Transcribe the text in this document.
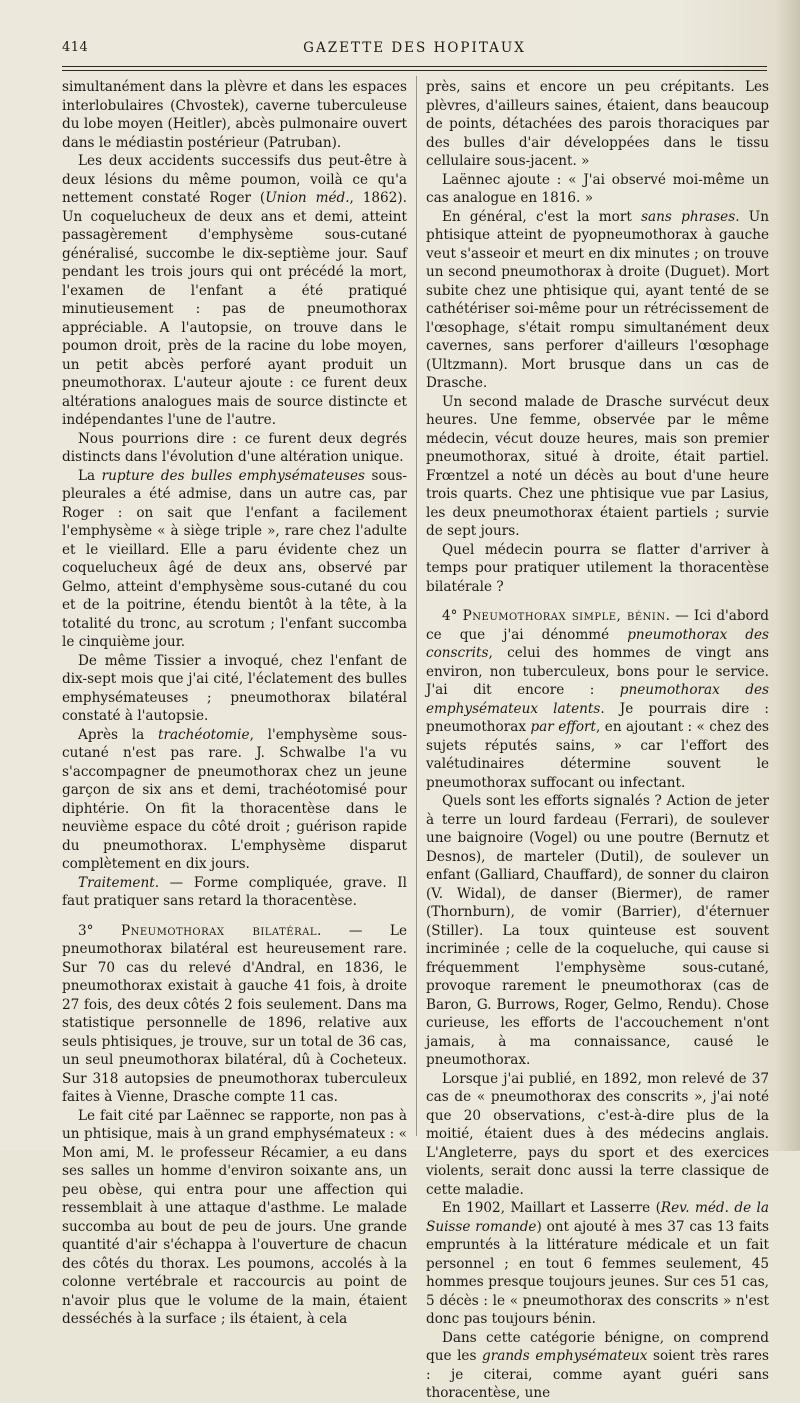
414	GAZETTE DES HOPITAUX

simultanément dans la plèvre et dans les espaces interlobulaires (Chvostek), caverne tuberculeuse du lobe moyen (Heitler), abcès pulmonaire ouvert dans le médiastin postérieur (Patruban).

Les deux accidents successifs dus peut-être à deux lésions du même poumon, voilà ce qu'a nettement constaté Roger (Union méd., 1862). Un coquelucheux de deux ans et demi, atteint passagèrement d'emphysème sous-cutané généralisé, succombe le dix-septième jour. Sauf pendant les trois jours qui ont précédé la mort, l'examen de l'enfant a été pratiqué minutieusement : pas de pneumothorax appréciable. A l'autopsie, on trouve dans le poumon droit, près de la racine du lobe moyen, un petit abcès perforé ayant produit un pneumothorax. L'auteur ajoute : ce furent deux altérations analogues mais de source distincte et indépendantes l'une de l'autre.

Nous pourrions dire : ce furent deux degrés distincts dans l'évolution d'une altération unique.

La rupture des bulles emphysémateuses sous-pleurales a été admise, dans un autre cas, par Roger : on sait que l'enfant a facilement l'emphysème « à siège triple », rare chez l'adulte et le vieillard. Elle a paru évidente chez un coquelucheux âgé de deux ans, observé par Gelmo, atteint d'emphysème sous-cutané du cou et de la poitrine, étendu bientôt à la tête, à la totalité du tronc, au scrotum ; l'enfant succomba le cinquième jour.

De même Tissier a invoqué, chez l'enfant de dix-sept mois que j'ai cité, l'éclatement des bulles emphysémateuses ; pneumothorax bilatéral constaté à l'autopsie.

Après la trachéotomie, l'emphysème sous-cutané n'est pas rare. J. Schwalbe l'a vu s'accompagner de pneumothorax chez un jeune garçon de six ans et demi, trachéotomisé pour diphtérie. On fit la thoracentèse dans le neuvième espace du côté droit ; guérison rapide du pneumothorax. L'emphysème disparut complètement en dix jours.

Traitement. — Forme compliquée, grave. Il faut pratiquer sans retard la thoracentèse.

3° Pneumothorax bilatéral. — Le pneumothorax bilatéral est heureusement rare. Sur 70 cas du relevé d'Andral, en 1836, le pneumothorax existait à gauche 41 fois, à droite 27 fois, des deux côtés 2 fois seulement. Dans ma statistique personnelle de 1896, relative aux seuls phtisiques, je trouve, sur un total de 36 cas, un seul pneumothorax bilatéral, dû à Cocheteux. Sur 318 autopsies de pneumothorax tuberculeux faites à Vienne, Drasche compte 11 cas.

Le fait cité par Laënnec se rapporte, non pas à un phtisique, mais à un grand emphysémateux : « Mon ami, M. le professeur Récamier, a eu dans ses salles un homme d'environ soixante ans, un peu obèse, qui entra pour une affection qui ressemblait à une attaque d'asthme. Le malade succomba au bout de peu de jours. Une grande quantité d'air s'échappa à l'ouverture de chacun des côtés du thorax. Les poumons, accolés à la colonne vertébrale et raccourcis au point de n'avoir plus que le volume de la main, étaient desséchés à la surface ; ils étaient, à cela

près, sains et encore un peu crépitants. Les plèvres, d'ailleurs saines, étaient, dans beaucoup de points, détachées des parois thoraciques par des bulles d'air développées dans le tissu cellulaire sous-jacent. »

Laënnec ajoute : « J'ai observé moi-même un cas analogue en 1816. »

En général, c'est la mort sans phrases. Un phtisique atteint de pyopneumothorax à gauche veut s'asseoir et meurt en dix minutes ; on trouve un second pneumothorax à droite (Duguet). Mort subite chez une phtisique qui, ayant tenté de se cathétériser soi-même pour un rétrécissement de l'œsophage, s'était rompu simultanément deux cavernes, sans perforer d'ailleurs l'œsophage (Ultzmann). Mort brusque dans un cas de Drasche.

Un second malade de Drasche survécut deux heures. Une femme, observée par le même médecin, vécut douze heures, mais son premier pneumothorax, situé à droite, était partiel. Frœntzel a noté un décès au bout d'une heure trois quarts. Chez une phtisique vue par Lasius, les deux pneumothorax étaient partiels ; survie de sept jours.

Quel médecin pourra se flatter d'arriver à temps pour pratiquer utilement la thoracentèse bilatérale ?

4° Pneumothorax simple, bénin. — Ici d'abord ce que j'ai dénommé pneumothorax des conscrits, celui des hommes de vingt ans environ, non tuberculeux, bons pour le service. J'ai dit encore : pneumothorax des emphysémateux latents. Je pourrais dire : pneumothorax par effort, en ajoutant : « chez des sujets réputés sains, » car l'effort des valétudinaires détermine souvent le pneumothorax suffocant ou infectant.

Quels sont les efforts signalés ? Action de jeter à terre un lourd fardeau (Ferrari), de soulever une baignoire (Vogel) ou une poutre (Bernutz et Desnos), de marteler (Dutil), de soulever un enfant (Galliard, Chauffard), de sonner du clairon (V. Widal), de danser (Biermer), de ramer (Thornburn), de vomir (Barrier), d'éternuer (Stiller). La toux quinteuse est souvent incriminée ; celle de la coqueluche, qui cause si fréquemment l'emphysème sous-cutané, provoque rarement le pneumothorax (cas de Baron, G. Burrows, Roger, Gelmo, Rendu). Chose curieuse, les efforts de l'accouchement n'ont jamais, à ma connaissance, causé le pneumothorax.

Lorsque j'ai publié, en 1892, mon relevé de 37 cas de « pneumothorax des conscrits », j'ai noté que 20 observations, c'est-à-dire plus de la moitié, étaient dues à des médecins anglais. L'Angleterre, pays du sport et des exercices violents, serait donc aussi la terre classique de cette maladie.

En 1902, Maillart et Lasserre (Rev. méd. de la Suisse romande) ont ajouté à mes 37 cas 13 faits empruntés à la littérature médicale et un fait personnel ; en tout 6 femmes seulement, 45 hommes presque toujours jeunes. Sur ces 51 cas, 5 décès : le « pneumothorax des conscrits » n'est donc pas toujours bénin.

Dans cette catégorie bénigne, on comprend que les grands emphysémateux soient très rares : je citerai, comme ayant guéri sans thoracentèse, une
